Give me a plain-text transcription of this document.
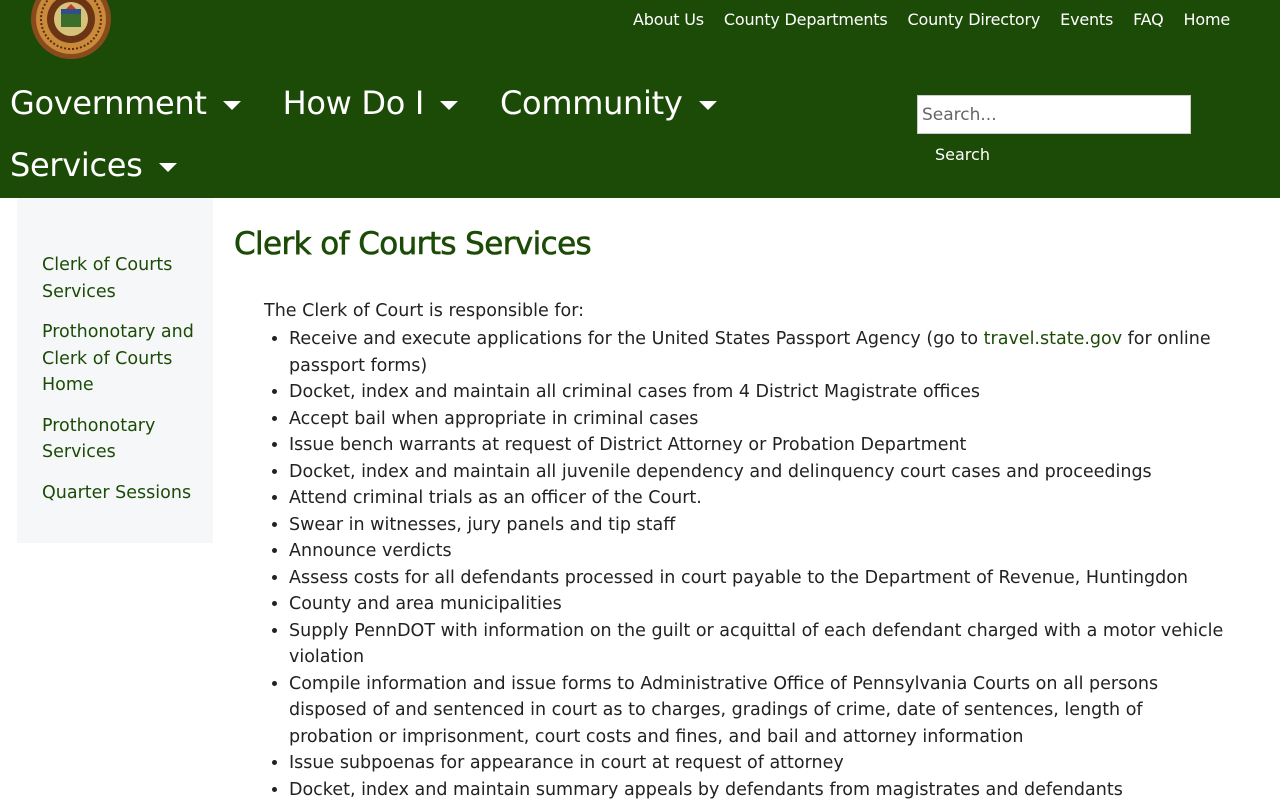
About Us County Departments County Directory Events FAQ Home
Government How Do I Community
Services
Search...	Search
Clerk of Courts Services
Prothonotary and Clerk of Courts Home
Prothonotary Services
Quarter Sessions
Clerk of Courts Services

The Clerk of Court is responsible for:

• Receive and execute applications for the United States Passport Agency (go to travel.state.gov for online passport forms)
• Docket, index and maintain all criminal cases from 4 District Magistrate offices
• Accept bail when appropriate in criminal cases
• Issue bench warrants at request of District Attorney or Probation Department
• Docket, index and maintain all juvenile dependency and delinquency court cases and proceedings
• Attend criminal trials as an officer of the Court.
• Swear in witnesses, jury panels and tip staff
• Announce verdicts
• Assess costs for all defendants processed in court payable to the Department of Revenue, Huntingdon
• County and area municipalities
• Supply PennDOT with information on the guilt or acquittal of each defendant charged with a motor vehicle violation
• Compile information and issue forms to Administrative Office of Pennsylvania Courts on all persons disposed of and sentenced in court as to charges, gradings of crime, date of sentences, length of probation or imprisonment, court costs and fines, and bail and attorney information
• Issue subpoenas for appearance in court at request of attorney
• Docket, index and maintain summary appeals by defendants from magistrates and defendants
